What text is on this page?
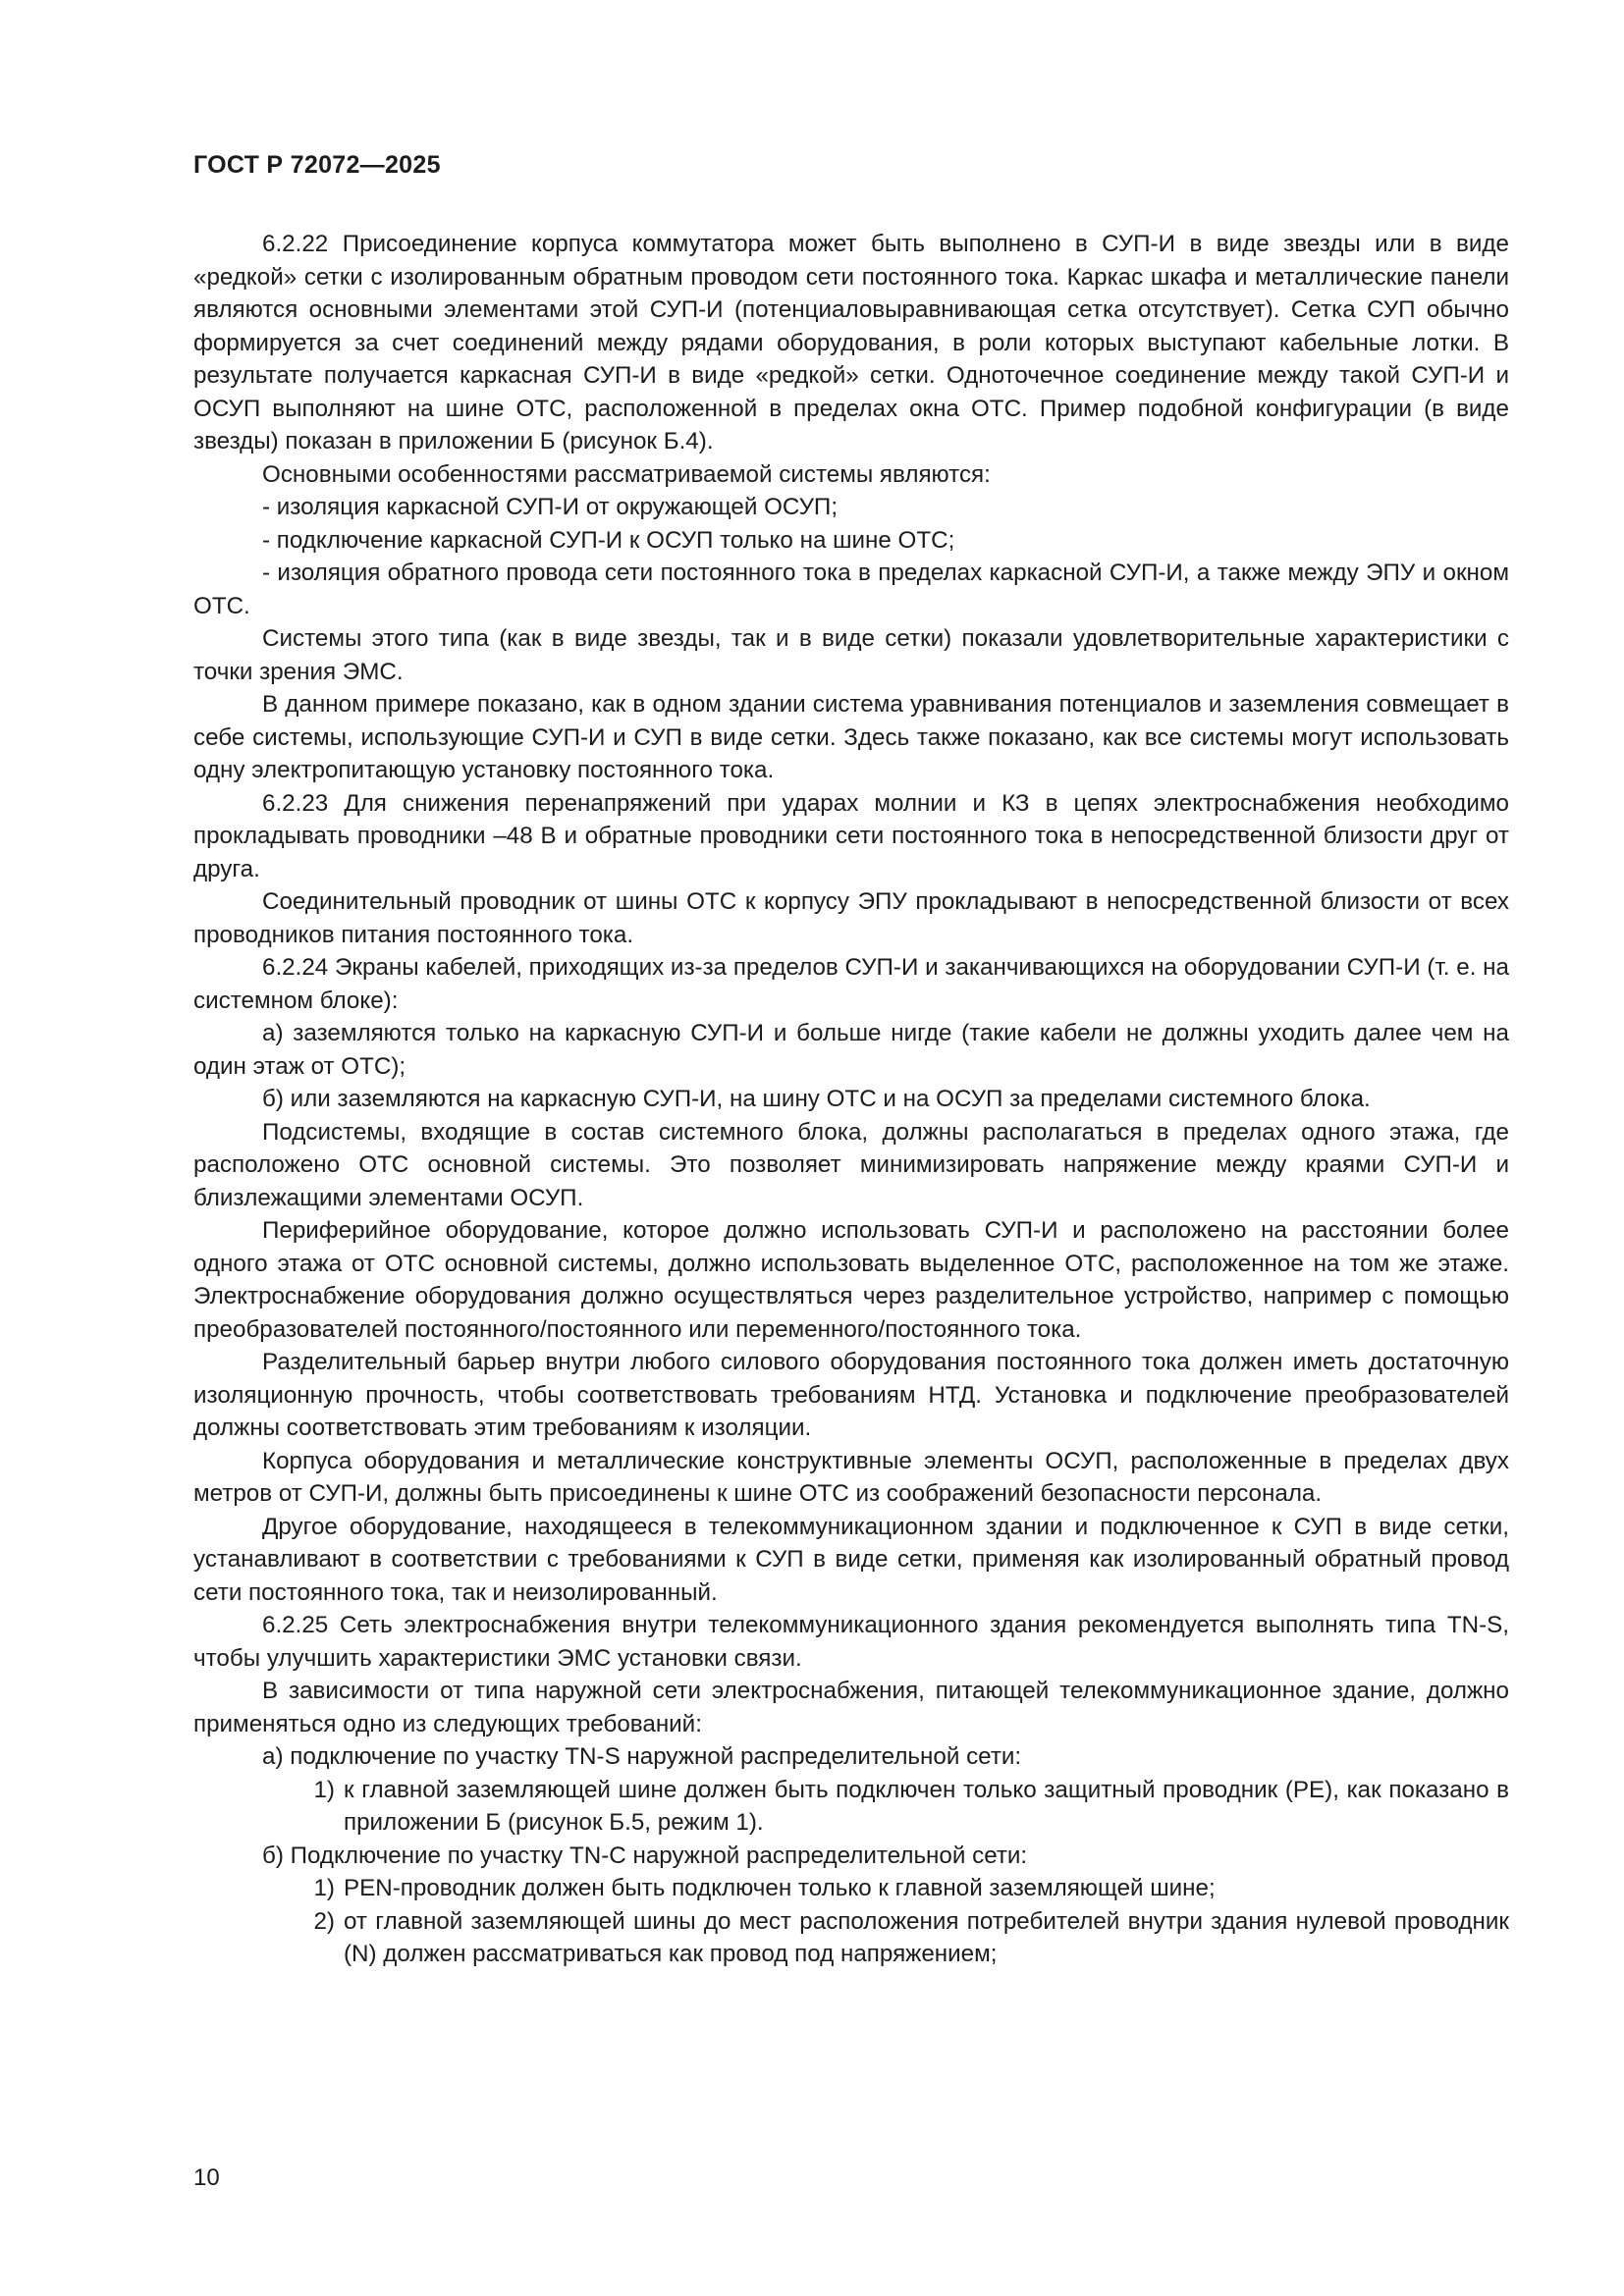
ГОСТ Р 72072—2025

6.2.22 Присоединение корпуса коммутатора может быть выполнено в СУП-И в виде звезды или в виде «редкой» сетки с изолированным обратным проводом сети постоянного тока. Каркас шкафа и металлические панели являются основными элементами этой СУП-И (потенциаловыравнивающая сетка отсутствует). Сетка СУП обычно формируется за счет соединений между рядами оборудования, в роли которых выступают кабельные лотки. В результате получается каркасная СУП-И в виде «редкой» сетки. Одноточечное соединение между такой СУП-И и ОСУП выполняют на шине ОТС, расположенной в пределах окна ОТС. Пример подобной конфигурации (в виде звезды) показан в приложении Б (рисунок Б.4).

Основными особенностями рассматриваемой системы являются:

- изоляция каркасной СУП-И от окружающей ОСУП;

- подключение каркасной СУП-И к ОСУП только на шине ОТС;

- изоляция обратного провода сети постоянного тока в пределах каркасной СУП-И, а также между ЭПУ и окном ОТС.

Системы этого типа (как в виде звезды, так и в виде сетки) показали удовлетворительные характеристики с точки зрения ЭМС.

В данном примере показано, как в одном здании система уравнивания потенциалов и заземления совмещает в себе системы, использующие СУП-И и СУП в виде сетки. Здесь также показано, как все системы могут использовать одну электропитающую установку постоянного тока.

6.2.23 Для снижения перенапряжений при ударах молнии и КЗ в цепях электроснабжения необходимо прокладывать проводники –48 В и обратные проводники сети постоянного тока в непосредственной близости друг от друга.

Соединительный проводник от шины ОТС к корпусу ЭПУ прокладывают в непосредственной близости от всех проводников питания постоянного тока.

6.2.24 Экраны кабелей, приходящих из-за пределов СУП-И и заканчивающихся на оборудовании СУП-И (т. е. на системном блоке):

а) заземляются только на каркасную СУП-И и больше нигде (такие кабели не должны уходить далее чем на один этаж от ОТС);

б) или заземляются на каркасную СУП-И, на шину ОТС и на ОСУП за пределами системного блока.

Подсистемы, входящие в состав системного блока, должны располагаться в пределах одного этажа, где расположено ОТС основной системы. Это позволяет минимизировать напряжение между краями СУП-И и близлежащими элементами ОСУП.

Периферийное оборудование, которое должно использовать СУП-И и расположено на расстоянии более одного этажа от ОТС основной системы, должно использовать выделенное ОТС, расположенное на том же этаже. Электроснабжение оборудования должно осуществляться через разделительное устройство, например с помощью преобразователей постоянного/постоянного или переменного/постоянного тока.

Разделительный барьер внутри любого силового оборудования постоянного тока должен иметь достаточную изоляционную прочность, чтобы соответствовать требованиям НТД. Установка и подключение преобразователей должны соответствовать этим требованиям к изоляции.

Корпуса оборудования и металлические конструктивные элементы ОСУП, расположенные в пределах двух метров от СУП-И, должны быть присоединены к шине ОТС из соображений безопасности персонала.

Другое оборудование, находящееся в телекоммуникационном здании и подключенное к СУП в виде сетки, устанавливают в соответствии с требованиями к СУП в виде сетки, применяя как изолированный обратный провод сети постоянного тока, так и неизолированный.

6.2.25 Сеть электроснабжения внутри телекоммуникационного здания рекомендуется выполнять типа TN-S, чтобы улучшить характеристики ЭМС установки связи.

В зависимости от типа наружной сети электроснабжения, питающей телекоммуникационное здание, должно применяться одно из следующих требований:

а) подключение по участку TN-S наружной распределительной сети:

1) к главной заземляющей шине должен быть подключен только защитный проводник (PE), как показано в приложении Б (рисунок Б.5, режим 1).

б) Подключение по участку TN-C наружной распределительной сети:

1) PEN-проводник должен быть подключен только к главной заземляющей шине;
2) от главной заземляющей шины до мест расположения потребителей внутри здания нулевой проводник (N) должен рассматриваться как провод под напряжением;
10
